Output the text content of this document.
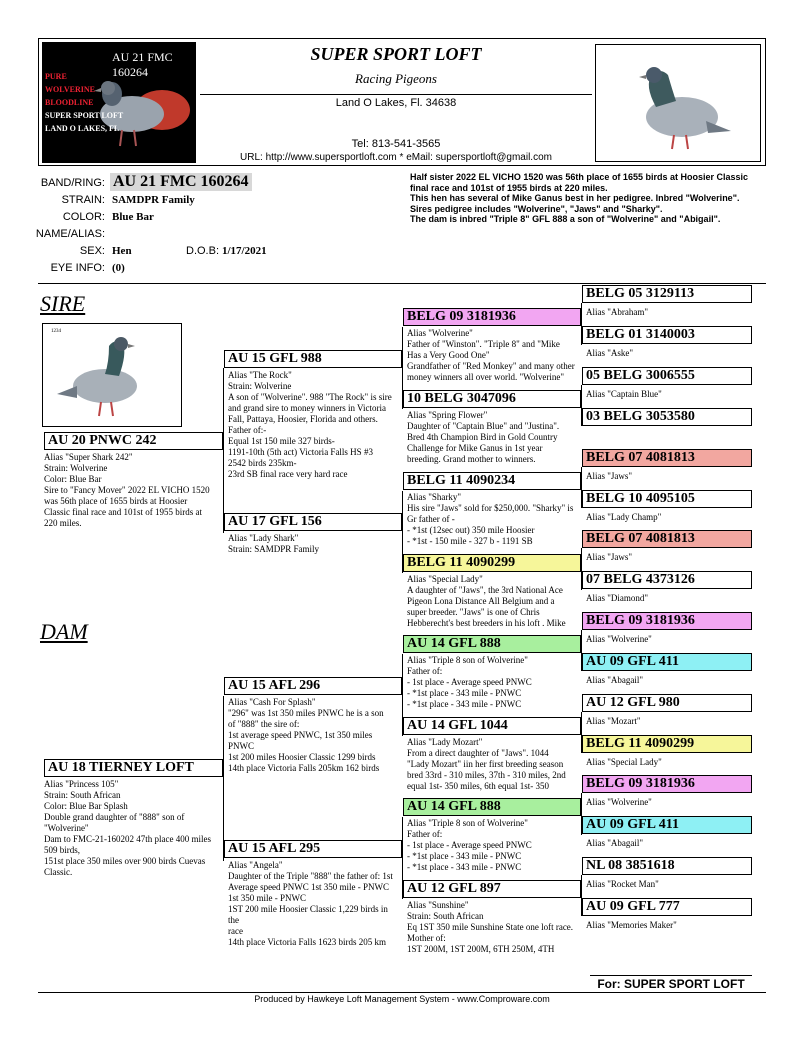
AU 21 FMC 160264
PURE
WOLVERINE
BLOODLINE
SUPER SPORT LOFT
LAND O LAKES, FL
SUPER SPORT LOFT
Racing Pigeons
Land O Lakes, Fl. 34638
Tel: 813-541-3565
URL: http://www.supersportloft.com * eMail: supersportloft@gmail.com
BAND/RING: AU 21 FMC 160264
STRAIN: SAMDPR Family
COLOR: Blue Bar
NAME/ALIAS:
SEX: Hen	D.O.B: 1/17/2021
EYE INFO: (0)
Half sister 2022 EL VICHO 1520 was 56th place of 1655 birds at Hoosier Classic final race and 101st of 1955 birds at 220 miles.
This hen has several of Mike Ganus best in her pedigree. Inbred "Wolverine". Sires pedigree includes "Wolverine", "Jaws" and "Sharky".
The dam is inbred "Triple 8" GFL 888 a son of "Wolverine" and "Abigail".
SIRE
DAM
1234
AU 20 PNWC 242
Alias "Super Shark 242"
Strain: Wolverine
Color: Blue Bar
Sire to "Fancy Mover" 2022 EL VICHO 1520
was 56th place of 1655 birds at Hoosier
Classic final race and 101st of 1955 birds at
220 miles.
AU 18 TIERNEY LOFT
Alias "Princess 105"
Strain: South African
Color: Blue Bar Splash
Double grand daughter of "888" son of
"Wolverine"
Dam to FMC-21-160202 47th place 400 miles
509 birds,
151st place 350 miles over 900 birds Cuevas
Classic.
AU 15 GFL 988
Alias "The Rock"
Strain: Wolverine
A son of "Wolverine". 988 "The Rock" is sire
and grand sire to money winners in Victoria
Fall, Pattaya, Hoosier, Florida and others.
Father of:-
Equal 1st 150 mile 327 birds-
1191-10th (5th act) Victoria Falls HS #3
2542 birds 235km-
23rd SB final race very hard race
AU 17 GFL 156
Alias "Lady Shark"
Strain: SAMDPR Family
AU 15 AFL 296
Alias "Cash For Splash"
"296" was 1st 350 miles PNWC he is a son
of "888" the sire of:
1st average speed PNWC, 1st 350 miles
PNWC
1st 200 miles Hoosier Classic 1299 birds
14th place Victoria Falls 205km 162 birds
AU 15 AFL 295
Alias "Angela"
Daughter of the Triple "888" the father of: 1st
Average speed PNWC 1st 350 mile - PNWC
1st 350 mile - PNWC
1ST 200 mile Hoosier Classic 1,229 birds in
the
race
14th place Victoria Falls 1623 birds 205 km
BELG 09 3181936
Alias "Wolverine"
Father of "Winston". "Triple 8" and "Mike
Has a Very Good One"
Grandfather of "Red Monkey" and many other
money winners all over world. "Wolverine"
10 BELG 3047096
Alias "Spring Flower"
Daughter of "Captain Blue" and "Justina".
Bred 4th Champion Bird in Gold Country
Challenge for Mike Ganus in 1st year
breeding. Grand mother to winners.
BELG 11 4090234
Alias "Sharky"
His sire "Jaws" sold for $250,000. "Sharky" is
Gr father of -
- *1st (12sec out) 350 mile Hoosier
- *1st - 150 mile - 327 b - 1191 SB
BELG 11 4090299
Alias "Special Lady"
A daughter of "Jaws", the 3rd National Ace
Pigeon Lona Distance All Belgium and a
super breeder. "Jaws" is one of Chris
Hebberecht's best breeders in his loft . Mike
AU 14 GFL 888
Alias "Triple 8 son of Wolverine"
Father of:
- 1st place - Average speed PNWC
- *1st place - 343 mile - PNWC
- *1st place - 343 mile - PNWC
AU 14 GFL 1044
Alias "Lady Mozart"
From a direct daughter of "Jaws". 1044
"Lady Mozart" iin her first breeding season
bred 33rd - 310 miles, 37th - 310 miles, 2nd
equal 1st- 350 miles, 6th equal 1st- 350
AU 14 GFL 888
Alias "Triple 8 son of Wolverine"
Father of:
- 1st place - Average speed PNWC
- *1st place - 343 mile - PNWC
- *1st place - 343 mile - PNWC
AU 12 GFL 897
Alias "Sunshine"
Strain: South African
Eq 1ST 350 mile Sunshine State one loft race.
Mother of:
1ST 200M, 1ST 200M, 6TH 250M, 4TH
BELG 05 3129113
Alias "Abraham"
BELG 01 3140003
Alias "Aske"
05 BELG 3006555
Alias "Captain Blue"
03 BELG 3053580
BELG 07 4081813
Alias "Jaws"
BELG 10 4095105
Alias "Lady Champ"
BELG 07 4081813
Alias "Jaws"
07 BELG 4373126
Alias "Diamond"
BELG 09 3181936
Alias "Wolverine"
AU 09 GFL 411
Alias "Abagail"
AU 12 GFL 980
Alias "Mozart"
BELG 11 4090299
Alias "Special Lady"
BELG 09 3181936
Alias "Wolverine"
AU 09 GFL 411
Alias "Abagail"
NL 08 3851618
Alias "Rocket Man"
AU 09 GFL 777
Alias "Memories Maker"
For: SUPER SPORT LOFT
Produced by Hawkeye Loft Management System - www.Comproware.com
